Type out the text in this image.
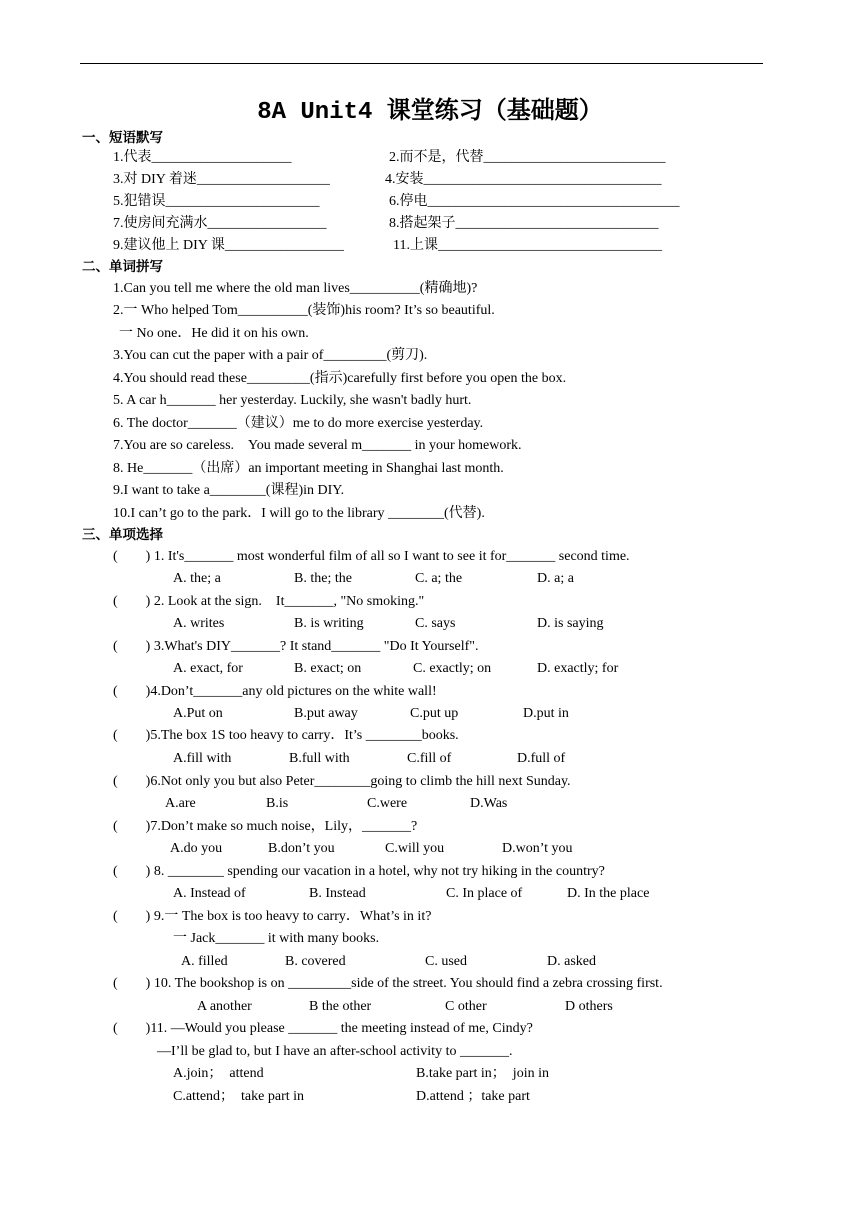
8A Unit4 课堂练习（基础题）
一、短语默写
1.代表____________________	2.而不是，代替__________________________
3.对 DIY 着迷___________________	4.安装__________________________________
5.犯错误______________________	6.停电____________________________________
7.使房间充满水_________________	8.搭起架子_____________________________
9.建议他上 DIY 课_________________	11.上课________________________________
二、单词拼写
1.Can you tell me where the old man lives__________(精确地)?
2.一 Who helped Tom__________(装饰)his room? It’s so beautiful.
一 No one．He did it on his own.
3.You can cut the paper with a pair of_________(剪刀).
4.You should read these_________(指示)carefully first before you open the box.
5. A car h_______ her yesterday. Luckily, she wasn't badly hurt.
6. The doctor_______（建议）me to do more exercise yesterday.
7.You are so careless.　You made several m_______ in your homework.
8. He_______（出席）an important meeting in Shanghai last month.
9.I want to take a________(课程)in DIY.
10.I can’t go to the park．I will go to the library ________(代替).
三、单项选择
(　　) 1. It's_______ most wonderful film of all so I want to see it for_______ second time.
A. the; a	B. the; the	C. a; the	D. a; a
(　　) 2. Look at the sign.　It_______, "No smoking."
A. writes	B. is writing	C. says	D. is saying
(　　) 3.What's DIY_______? It stand_______ "Do It Yourself".
A. exact, for	B. exact; on	C. exactly; on	D. exactly; for
(　　)4.Don’t_______any old pictures on the white wall!
A.Put on	B.put away	C.put up	D.put in
(　　)5.The box 1S too heavy to carry．It’s ________books.
A.fill with	B.full with	C.fill of	D.full of
(　　)6.Not only you but also Peter________going to climb the hill next Sunday.
A.are	B.is	C.were	D.Was
(　　)7.Don’t make so much noise，Lily，_______?
A.do you	B.don’t you	C.will you	D.won’t you
(　　) 8. ________ spending our vacation in a hotel, why not try hiking in the country?
A. Instead of	B. Instead	C. In place of	D. In the place
(　　) 9.一 The box is too heavy to carry．What’s in it?
一 Jack_______ it with many books.
A. filled	B. covered	C. used	D. asked
(　　) 10. The bookshop is on _________side of the street. You should find a zebra crossing first.
A another	B the other	C other	D others
(　　)11. —Would you please _______ the meeting instead of me, Cindy?
—I’ll be glad to, but I have an after-school activity to _______.
A.join；　attend	B.take part in；　join in
C.attend；　take part in	D.attend ；take part
